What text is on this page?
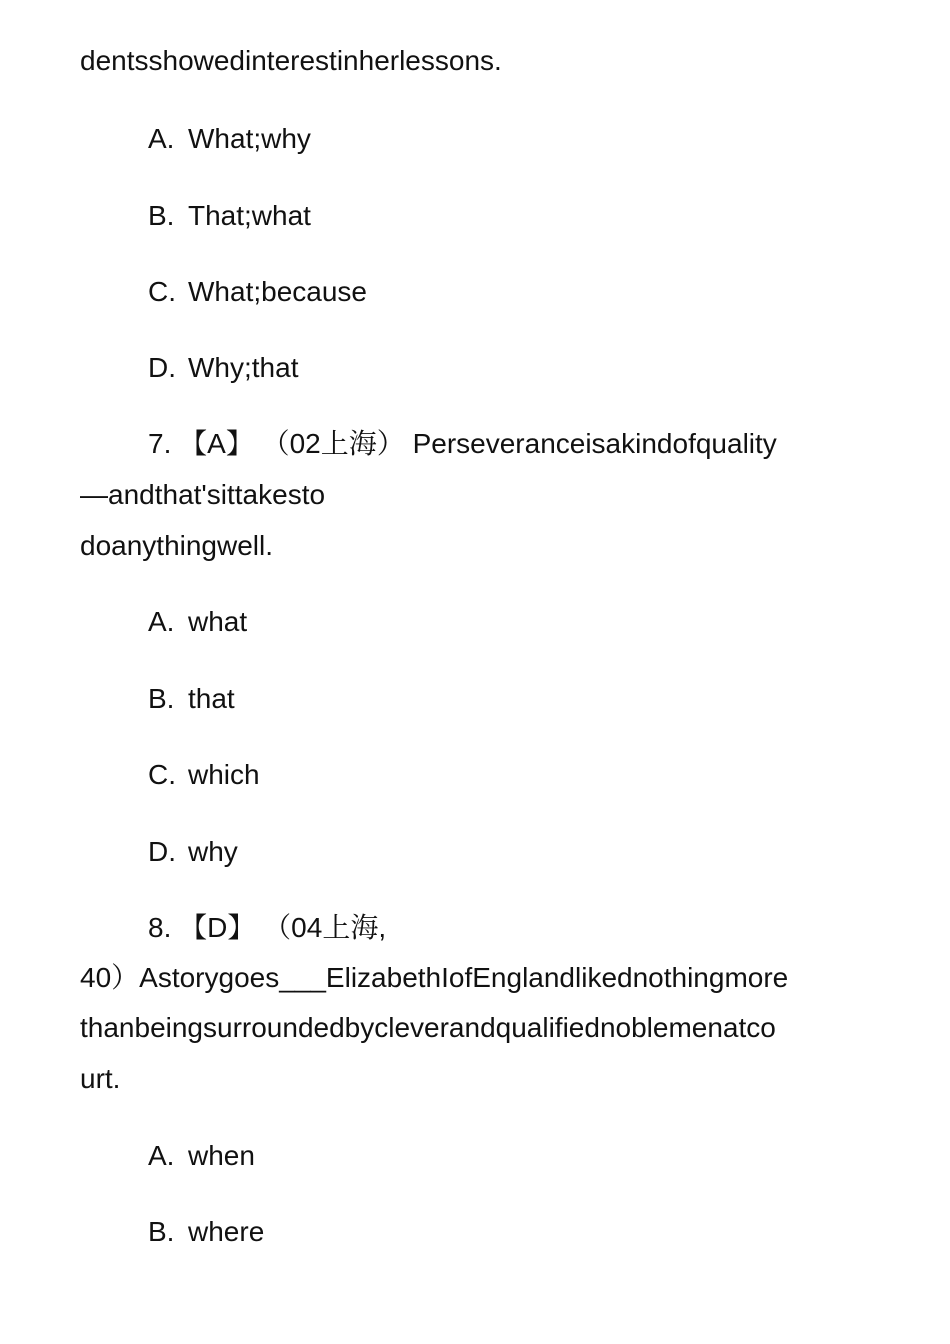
dentsshowedinterestinherlessons.
A. What;why
B. That;what
C. What;because
D. Why;that
7. 【A】 （02上海） Perseveranceisakindofquality
—andthat'sittakesto
doanythingwell.
A. what
B. that
C. which
D. why
8. 【D】 （04上海,
40）Astorygoes___ElizabethIofEnglandlikednothingmore
thanbeingsurroundedbycleverandqualifiednoblemenatco
urt.
A. when
B. where
